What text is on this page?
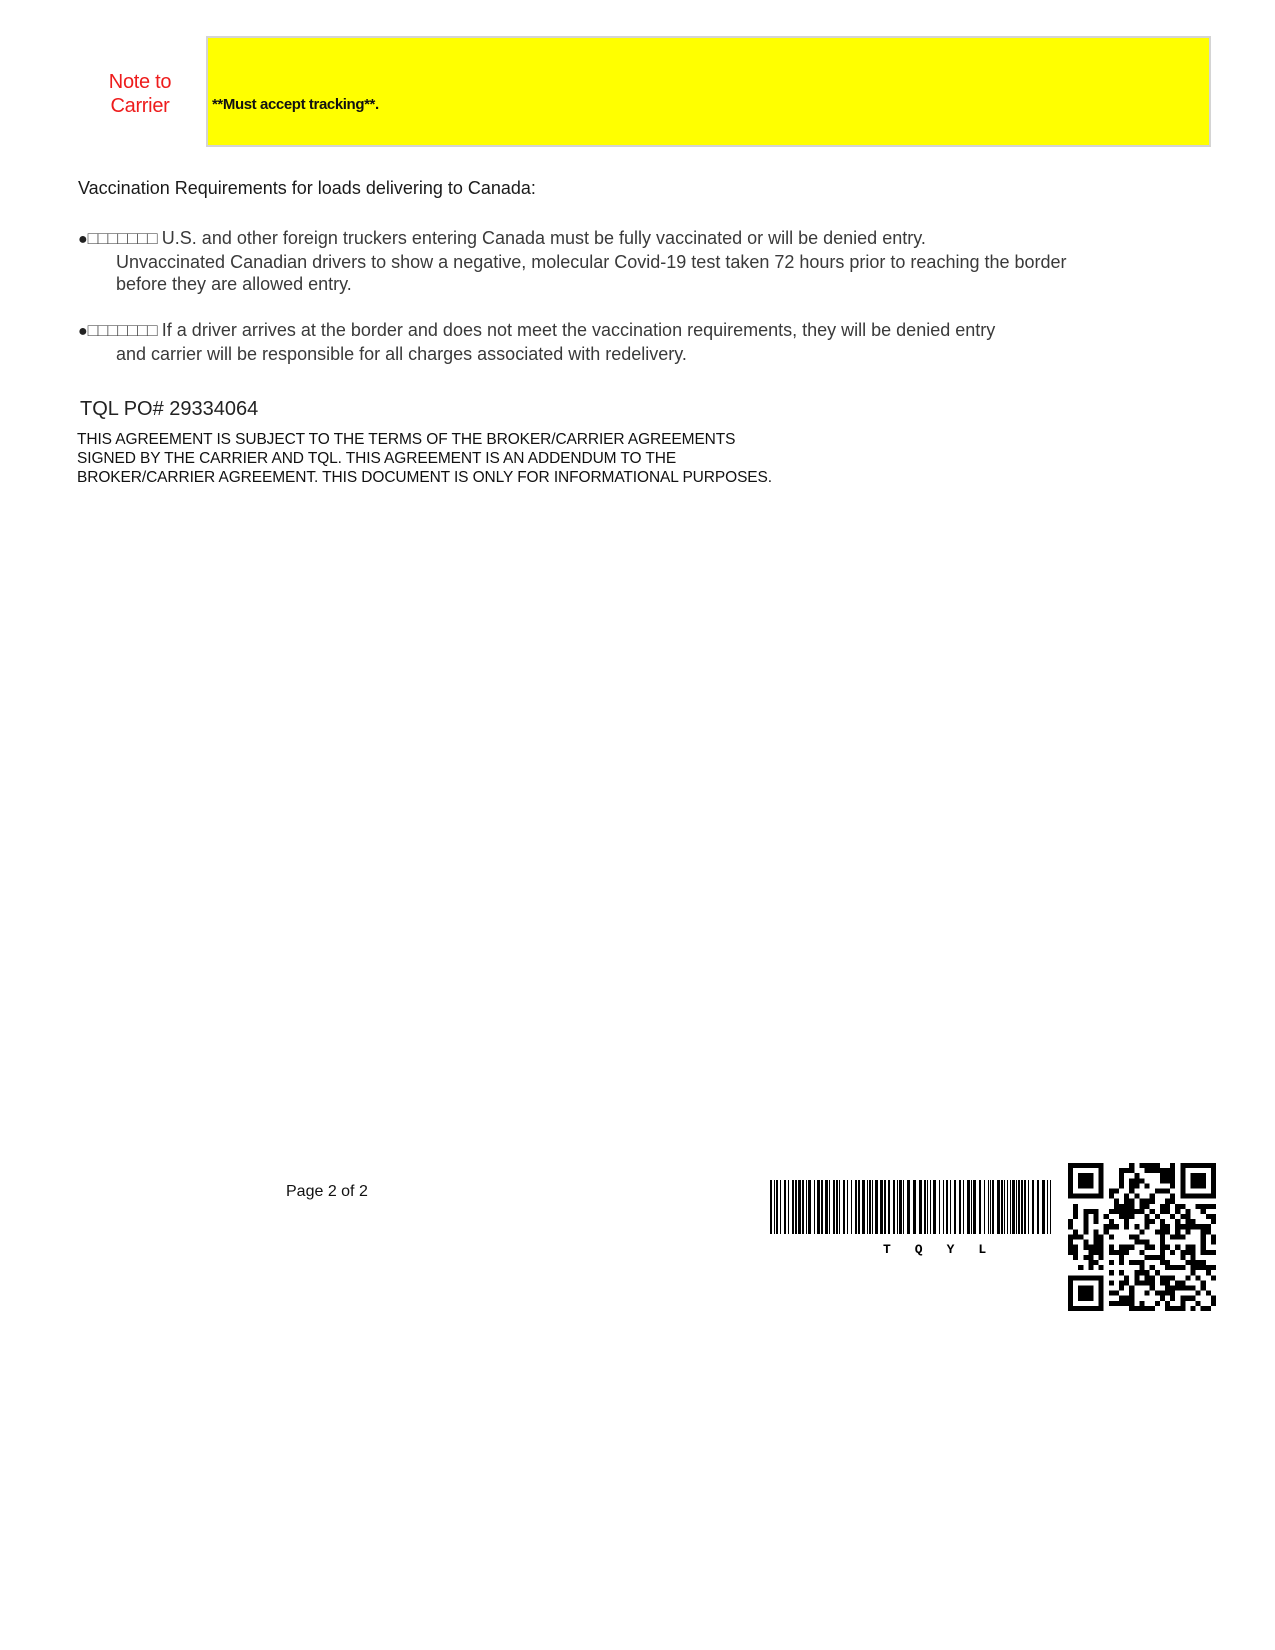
Note to
Carrier	**Must accept tracking**.
Vaccination Requirements for loads delivering to Canada:
●□□□□□□□ U.S. and other foreign truckers entering Canada must be fully vaccinated or will be denied entry.
Unvaccinated Canadian drivers to show a negative, molecular Covid-19 test taken 72 hours prior to reaching the border before they are allowed entry.
●□□□□□□□ If a driver arrives at the border and does not meet the vaccination requirements, they will be denied entry
and carrier will be responsible for all charges associated with redelivery.
TQL PO# 29334064
THIS AGREEMENT IS SUBJECT TO THE TERMS OF THE BROKER/CARRIER AGREEMENTS SIGNED BY THE CARRIER AND TQL. THIS AGREEMENT IS AN ADDENDUM TO THE BROKER/CARRIER AGREEMENT. THIS DOCUMENT IS ONLY FOR INFORMATIONAL PURPOSES.
Page 2 of 2
TQYL
